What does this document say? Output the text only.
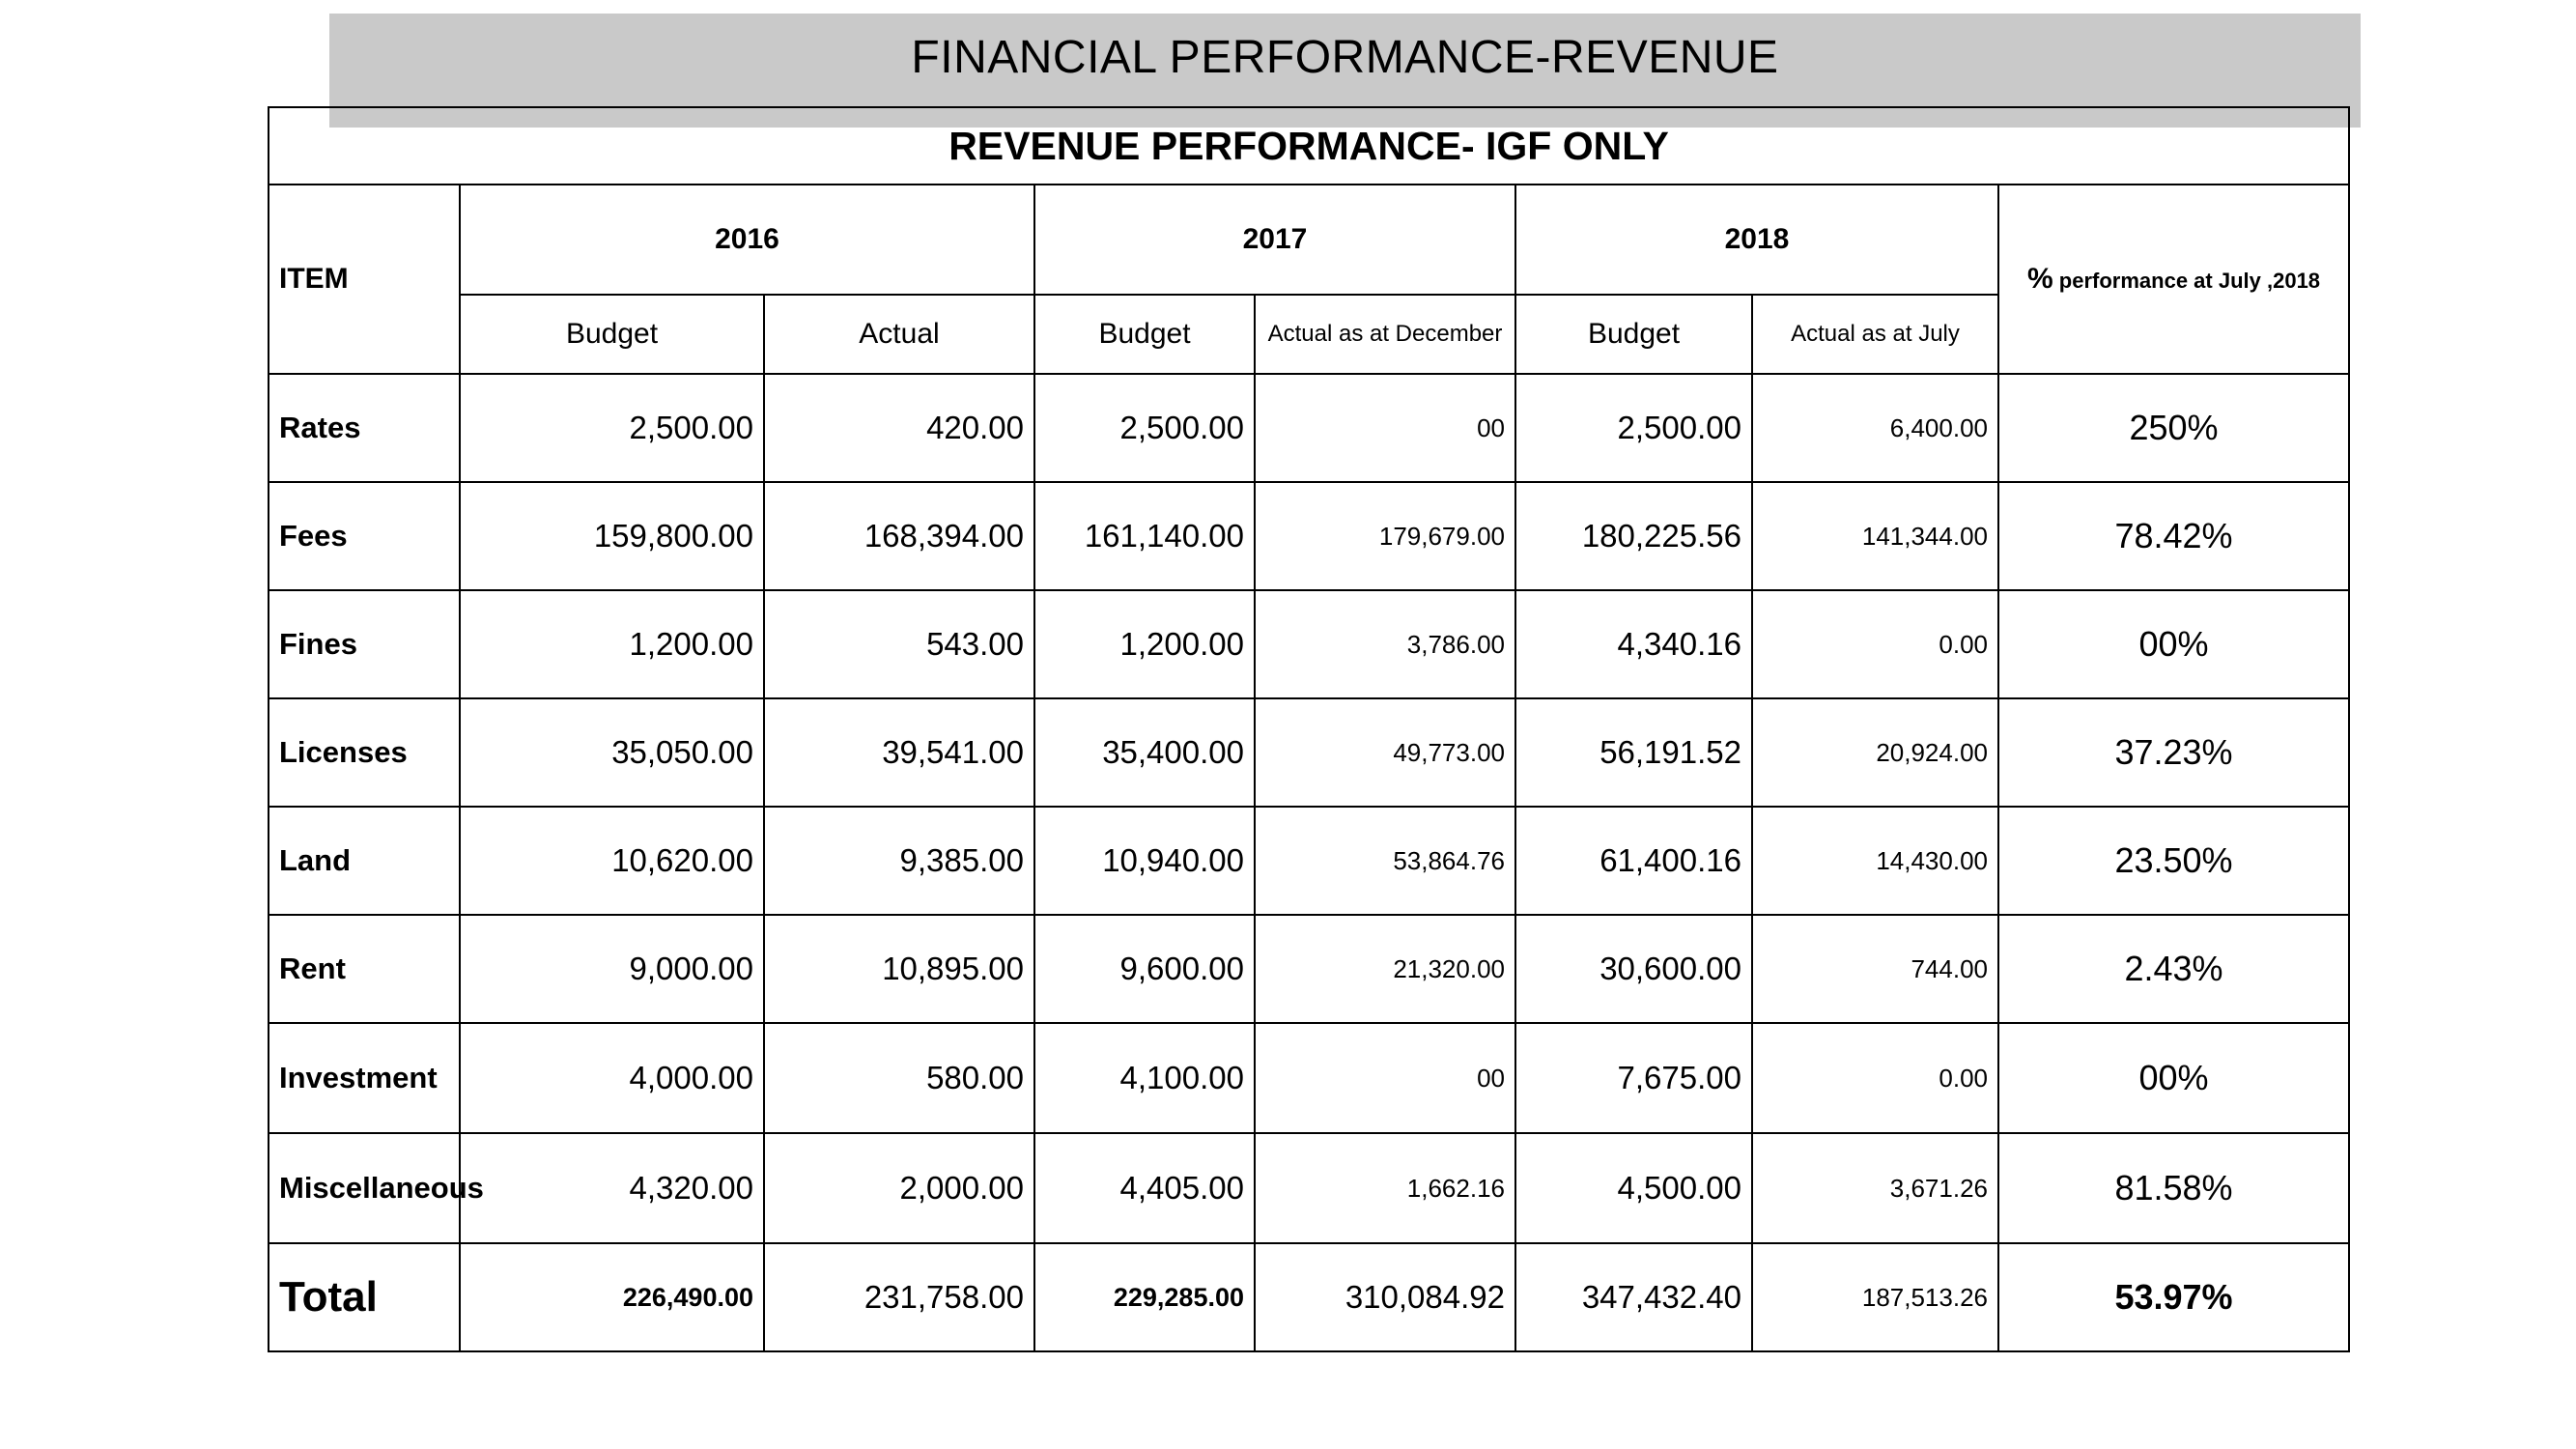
FINANCIAL PERFORMANCE-REVENUE
REVENUE PERFORMANCE- IGF ONLY							
ITEM	2016		2017		2018		% performance at July ,2018
	Budget	Actual	Budget	Actual as at December	Budget	Actual as at July	
Rates	2,500.00	420.00	2,500.00	00	2,500.00	6,400.00	250%
Fees	159,800.00	168,394.00	161,140.00	179,679.00	180,225.56	141,344.00	78.42%
Fines	1,200.00	543.00	1,200.00	3,786.00	4,340.16	0.00	00%
Licenses	35,050.00	39,541.00	35,400.00	49,773.00	56,191.52	20,924.00	37.23%
Land	10,620.00	9,385.00	10,940.00	53,864.76	61,400.16	14,430.00	23.50%
Rent	9,000.00	10,895.00	9,600.00	21,320.00	30,600.00	744.00	2.43%
Investment	4,000.00	580.00	4,100.00	00	7,675.00	0.00	00%
Miscellaneous	4,320.00	2,000.00	4,405.00	1,662.16	4,500.00	3,671.26	81.58%
Total	226,490.00	231,758.00	229,285.00	310,084.92	347,432.40	187,513.26	53.97%
